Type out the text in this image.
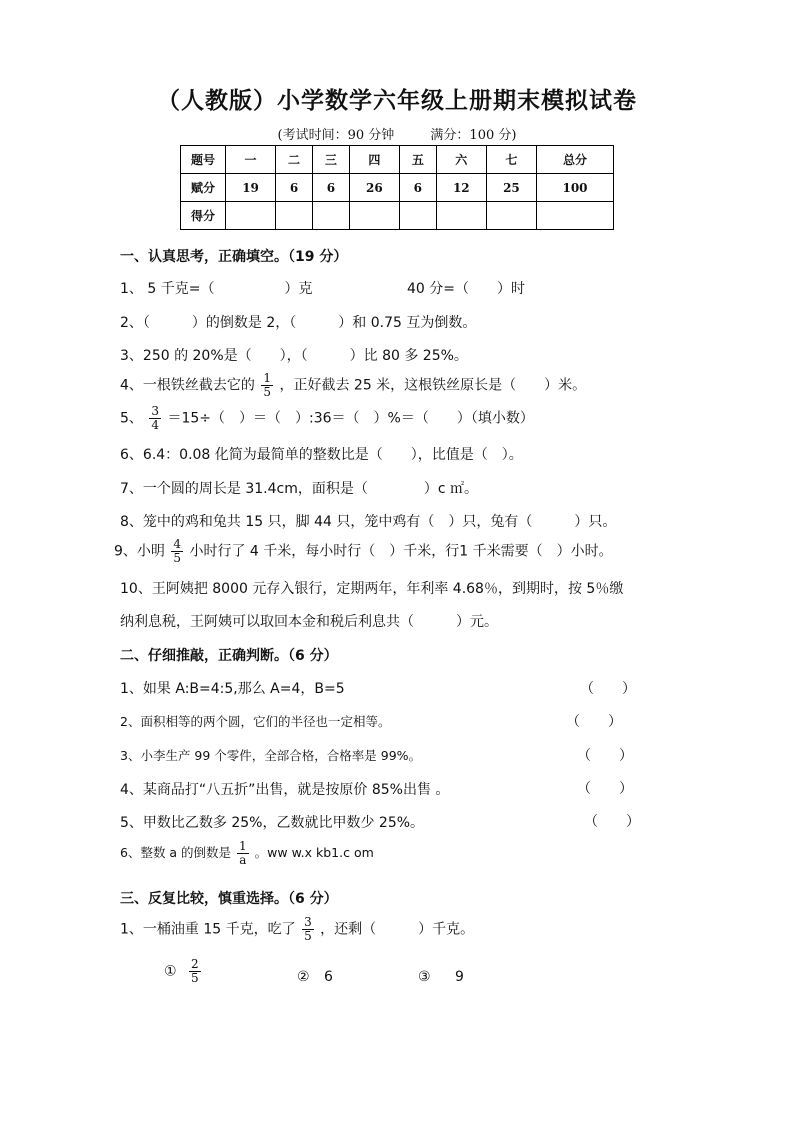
（人教版）小学数学六年级上册期末模拟试卷
(考试时间：90 分钟	满分：100 分)
题号	一	二	三	四	五	六	七	总分
赋分	19	6	6	26	6	12	25	100
得分								
一、认真思考，正确填空。（19 分）
1、 5 千克=（　　　　　）克	40 分=（　　）时
2、（　　　）的倒数是 2，（　　　）和 0.75 互为倒数。
3、250 的 20%是（　　），（　　　）比 80 多 25%。
4、一根铁丝截去它的 $\frac{1}{5}$ ，正好截去 25 米，这根铁丝原长是（　　）米。
5、 $\frac{3}{4} =15\div$（　）＝（　）:36＝（　）%＝（　　）（填小数）
6、6.4：0.08 化简为最简单的整数比是（　　），比值是（　）。
7、一个圆的周长是 31.4cm，面积是（　　　　）c ㎡。
8、笼中的鸡和兔共 15 只，脚 44 只，笼中鸡有（　）只，兔有（　　　）只。
9、小明 $\frac{4}{5}$ 小时行了 4 千米，每小时行（　）千米，行1 千米需要（　）小时。
10、王阿姨把 8000 元存入银行，定期两年，年利率 4.68％，到期时，按 5％缴
纳利息税，王阿姨可以取回本金和税后利息共（　　　）元。
二、仔细推敲，正确判断。（6 分）
1、如果 A:B=4:5,那么 A=4，B=5	（　　）
2、面积相等的两个圆，它们的半径也一定相等。	（　　）
3、小李生产 99 个零件，全部合格，合格率是 99%。	（　　）
4、某商品打“八五折”出售，就是按原价 85%出售 。	（　　）
5、甲数比乙数多 25%，乙数就比甲数少 25%。	（　　）
6、整数 a 的倒数是 $\frac{1}{a}$ 。ww w.x kb1.c om
三、反复比较，慎重选择。（6 分）
1、一桶油重 15 千克，吃了 $\frac{3}{5}$ ，还剩（　　　）千克。
① $\frac{2}{5}$	② 6	③ 9
